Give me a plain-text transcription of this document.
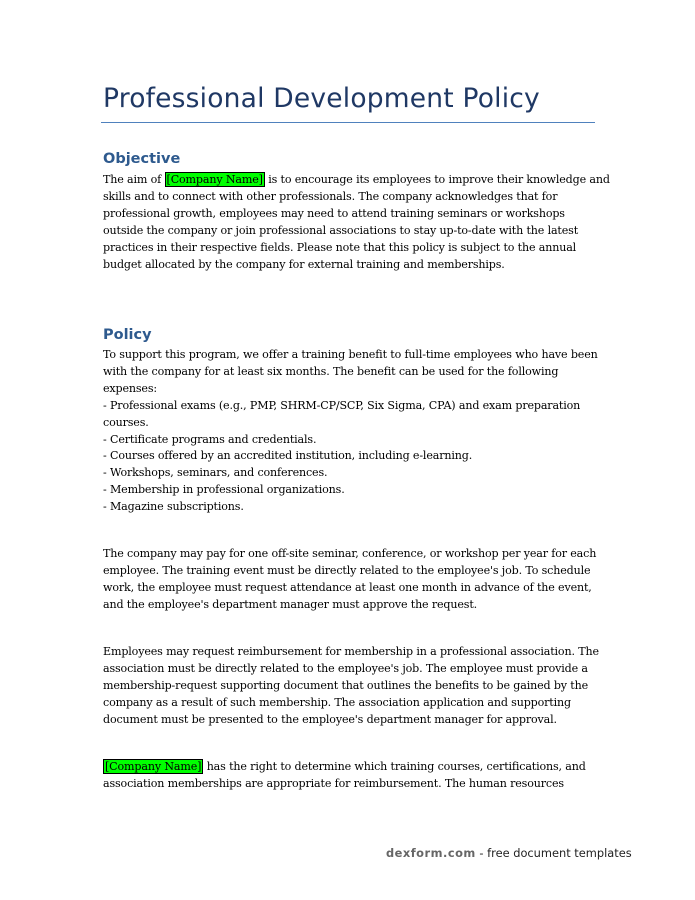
Professional Development Policy
Objective
The aim of [Company Name] is to encourage its employees to improve their knowledge and
skills and to connect with other professionals. The company acknowledges that for
professional growth, employees may need to attend training seminars or workshops
outside the company or join professional associations to stay up-to-date with the latest
practices in their respective fields. Please note that this policy is subject to the annual
budget allocated by the company for external training and memberships.
Policy
To support this program, we offer a training benefit to full-time employees who have been
with the company for at least six months. The benefit can be used for the following
expenses:
- Professional exams (e.g., PMP, SHRM-CP/SCP, Six Sigma, CPA) and exam preparation
courses.
- Certificate programs and credentials.
- Courses offered by an accredited institution, including e-learning.
- Workshops, seminars, and conferences.
- Membership in professional organizations.
- Magazine subscriptions.
The company may pay for one off-site seminar, conference, or workshop per year for each
employee. The training event must be directly related to the employee's job. To schedule
work, the employee must request attendance at least one month in advance of the event,
and the employee's department manager must approve the request.
Employees may request reimbursement for membership in a professional association. The
association must be directly related to the employee's job. The employee must provide a
membership-request supporting document that outlines the benefits to be gained by the
company as a result of such membership. The association application and supporting
document must be presented to the employee's department manager for approval.
[Company Name] has the right to determine which training courses, certifications, and
association memberships are appropriate for reimbursement. The human resources
dexform.com - free document templates
